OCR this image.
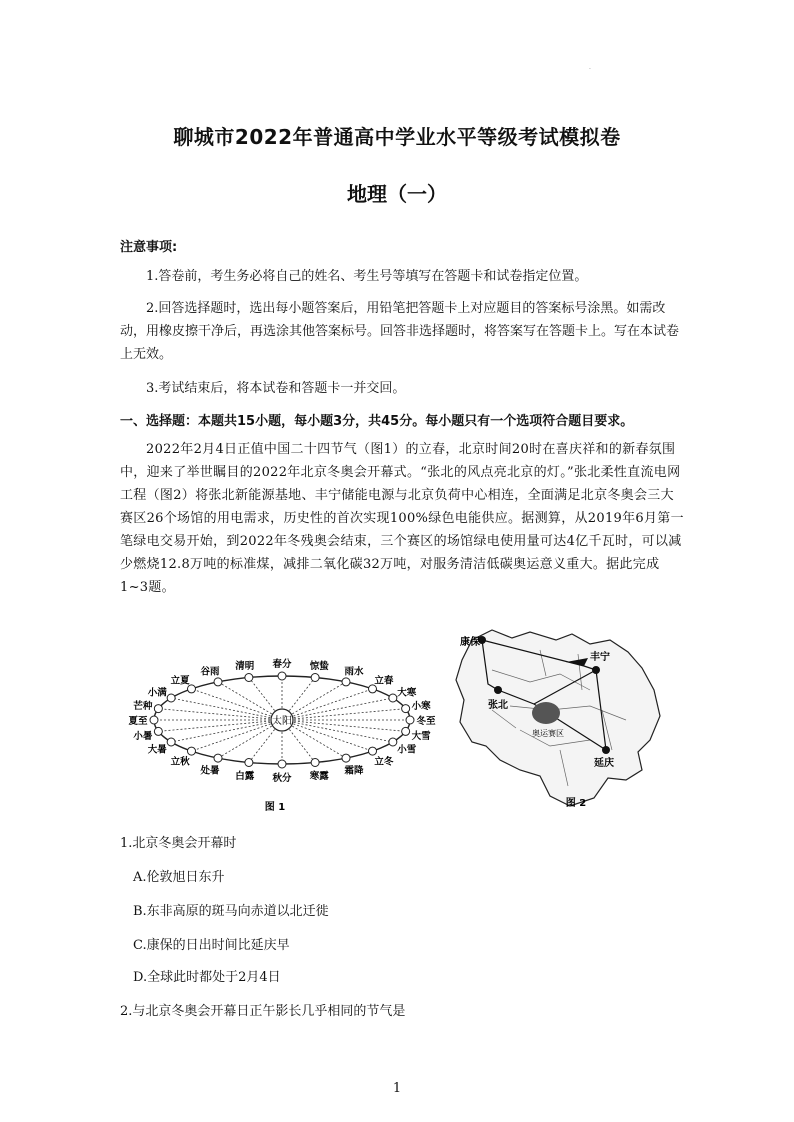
.
聊城市2022年普通高中学业水平等级考试模拟卷
地理（一）
注意事项:

1.答卷前，考生务必将自己的姓名、考生号等填写在答题卡和试卷指定位置。

2.回答选择题时，选出每小题答案后，用铅笔把答题卡上对应题目的答案标号涂黑。如需改动，用橡皮擦干净后，再选涂其他答案标号。回答非选择题时，将答案写在答题卡上。写在本试卷上无效。

3.考试结束后，将本试卷和答题卡一并交回。

一、选择题：本题共15小题，每小题3分，共45分。每小题只有一个选项符合题目要求。

2022年2月4日正值中国二十四节气（图1）的立春，北京时间20时在喜庆祥和的新春氛围中，迎来了举世瞩目的2022年北京冬奥会开幕式。“张北的风点亮北京的灯。”张北柔性直流电网工程（图2）将张北新能源基地、丰宁储能电源与北京负荷中心相连，全面满足北京冬奥会三大赛区26个场馆的用电需求，历史性的首次实现100%绿色电能供应。据测算，从2019年6月第一笔绿电交易开始，到2022年冬残奥会结束，三个赛区的场馆绿电使用量可达4亿千瓦时，可以减少燃烧12.8万吨的标准煤，减排二氧化碳32万吨，对服务清洁低碳奥运意义重大。据此完成1~3题。

太阳
夏至
小暑
大暑
立秋
处暑
白露 秋分 寒露
霜降
立冬
小雪
大雪
冬至
小寒
大寒
立春
雨水
惊蛰
春分
清明
谷雨
立夏
小满
芒种
图 1
康保
丰宁
张北
延庆
奥运赛区
图 2

1.北京冬奥会开幕时

A.伦敦旭日东升

B.东非高原的斑马向赤道以北迁徙

C.康保的日出时间比延庆早

D.全球此时都处于2月4日

2.与北京冬奥会开幕日正午影长几乎相同的节气是

1
